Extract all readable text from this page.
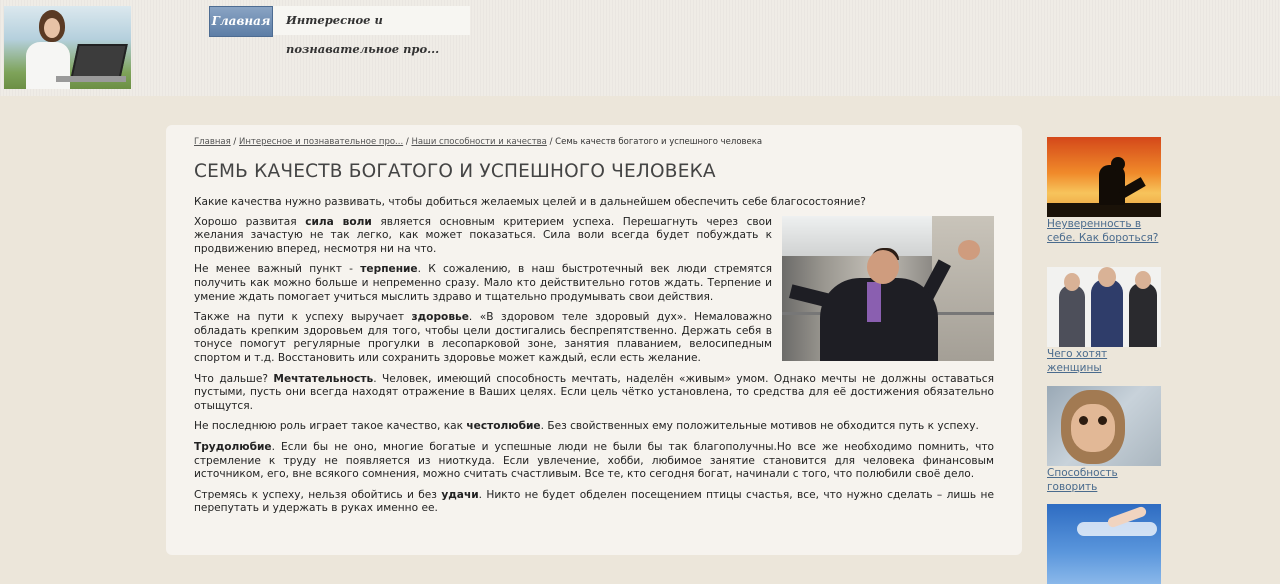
Главная	Интересное и познавательное про...
Главная / Интересное и познавательное про... / Наши способности и качества / Семь качеств богатого и успешного человека
СЕМЬ КАЧЕСТВ БОГАТОГО И УСПЕШНОГО ЧЕЛОВЕКА

Какие качества нужно развивать, чтобы добиться желаемых целей и в дальнейшем обеспечить себе благосостояние?

Хорошо развитая сила воли является основным критерием успеха. Перешагнуть через свои желания зачастую не так легко, как может показаться. Сила воли всегда будет побуждать к продвижению вперед, несмотря ни на что.

Не менее важный пункт - терпение. К сожалению, в наш быстротечный век люди стремятся получить как можно больше и непременно сразу. Мало кто действительно готов ждать. Терпение и умение ждать помогает учиться мыслить здраво и тщательно продумывать свои действия.

Также на пути к успеху выручает здоровье. «В здоровом теле здоровый дух». Немаловажно обладать крепким здоровьем для того, чтобы цели достигались беспрепятственно. Держать себя в тонусе помогут регулярные прогулки в лесопарковой зоне, занятия плаванием, велосипедным спортом и т.д. Восстановить или сохранить здоровье может каждый, если есть желание.

Что дальше? Мечтательность. Человек, имеющий способность мечтать, наделён «живым» умом. Однако мечты не должны оставаться пустыми, пусть они всегда находят отражение в Ваших целях. Если цель чётко установлена, то средства для её достижения обязательно отыщутся.

Не последнюю роль играет такое качество, как честолюбие. Без свойственных ему положительные мотивов не обходится путь к успеху.

Трудолюбие. Если бы не оно, многие богатые и успешные люди не были бы так благополучны.Но все же необходимо помнить, что стремление к труду не появляется из ниоткуда. Если увлечение, хобби, любимое занятие становится для человека финансовым источником, его, вне всякого сомнения, можно считать счастливым. Все те, кто сегодня богат, начинали с того, что полюбили своё дело.

Стремясь к успеху, нельзя обойтись и без удачи. Никто не будет обделен посещением птицы счастья, все, что нужно сделать – лишь не перепутать и удержать в руках именно ее.

Неуверенность в себе. Как бороться?
Чего хотят женщины
Способность говорить
